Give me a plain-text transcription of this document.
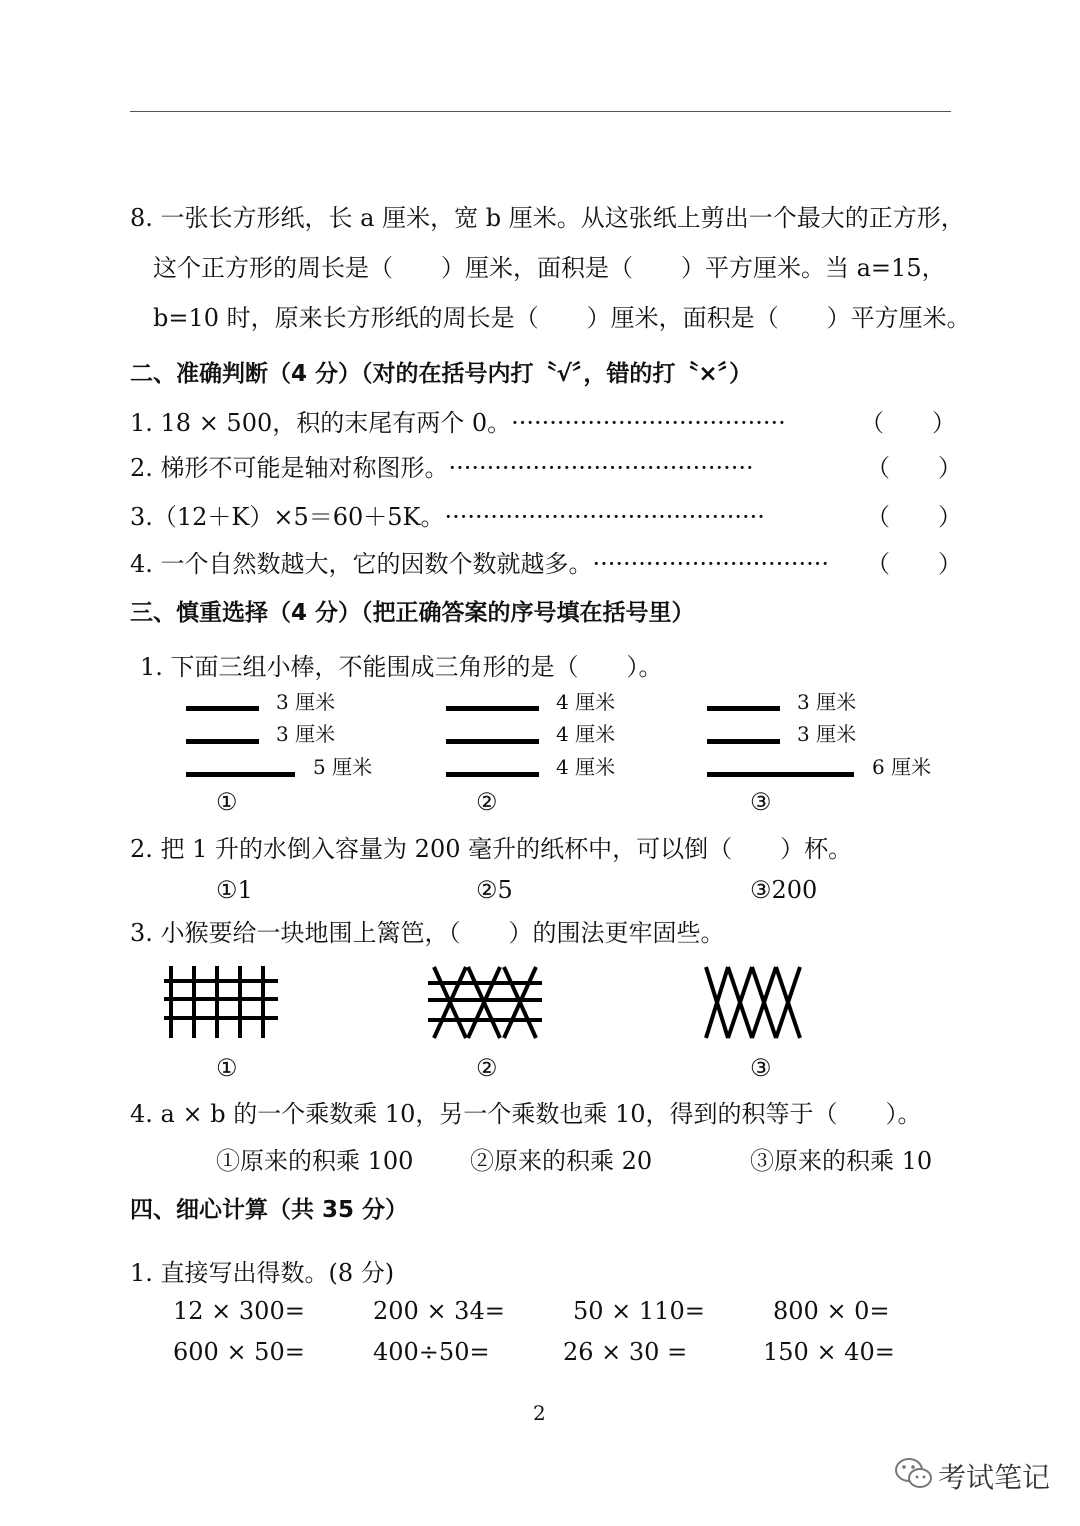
8. 一张长方形纸，长 a 厘米，宽 b 厘米。从这张纸上剪出一个最大的正方形，
这个正方形的周长是（　　）厘米，面积是（　　）平方厘米。当 a=15，
b=10 时，原来长方形纸的周长是（　　）厘米，面积是（　　）平方厘米。
二、准确判断（4 分）（对的在括号内打〝√〞，错的打〝×〞）
1. 18 × 500，积的末尾有两个 0。····································	（　　）
2. 梯形不可能是轴对称图形。········································	（　　）
3.（12＋K）×5＝60＋5K。··········································	（　　）
4. 一个自然数越大，它的因数个数就越多。·······························	（　　）
三、慎重选择（4 分）（把正确答案的序号填在括号里）
1. 下面三组小棒，不能围成三角形的是（　　）。
3 厘米
3 厘米
5 厘米
①
4 厘米
4 厘米
4 厘米
②
3 厘米
3 厘米
6 厘米
③
2. 把 1 升的水倒入容量为 200 毫升的纸杯中，可以倒（　　）杯。
①1	②5	③200
3. 小猴要给一块地围上篱笆，（　　）的围法更牢固些。
①	②	③
4. a × b 的一个乘数乘 10，另一个乘数也乘 10，得到的积等于（　　）。
①原来的积乘 100 ②原来的积乘 20	③原来的积乘 10
四、细心计算（共 35 分）
1. 直接写出得数。(8 分)
12 × 300=	200 × 34=	50 × 110=	800 × 0=
600 × 50=	400÷50=	26 × 30 =	150 × 40=
2
考试笔记
